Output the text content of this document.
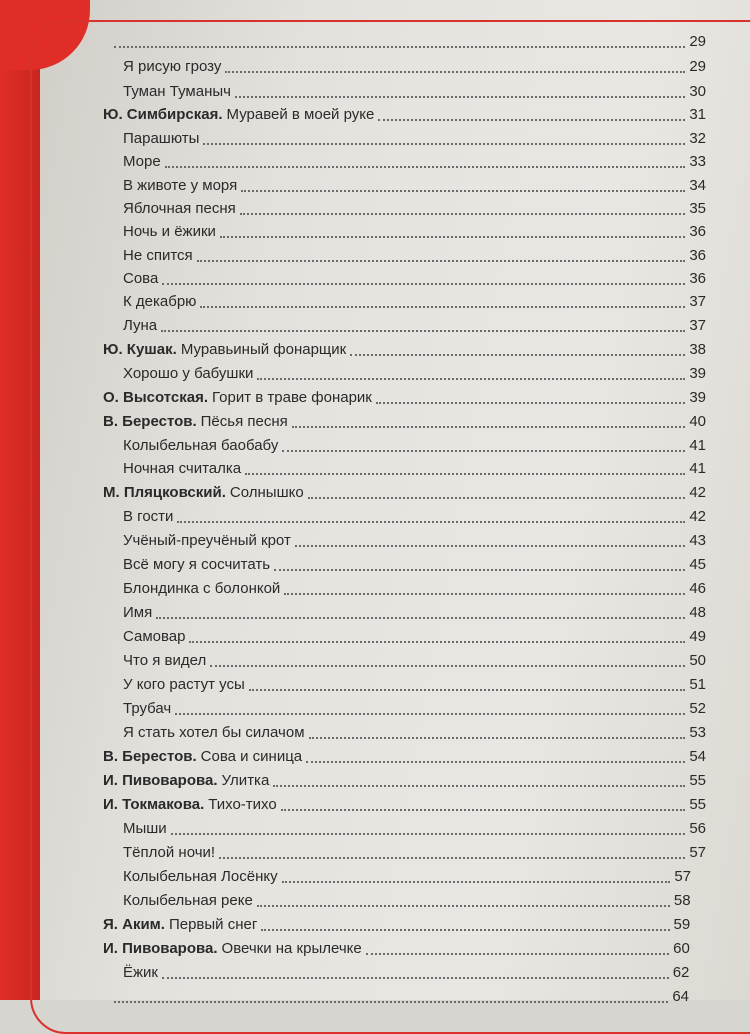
29
Я рисую грозу	29
Туман Туманыч	30
Ю. Симбирская. Муравей в моей руке	31
Парашюты	32
Море	33
В животе у моря	34
Яблочная песня	35
Ночь и ёжики	36
Не спится	36
Сова	36
К декабрю	37
Луна	37
Ю. Кушак. Муравьиный фонарщик	38
Хорошо у бабушки	39
О. Высотская. Горит в траве фонарик	39
В. Берестов. Пёсья песня	40
Колыбельная баобабу	41
Ночная считалка	41
М. Пляцковский. Солнышко	42
В гости	42
Учёный-преучёный крот	43
Всё могу я сосчитать	45
Блондинка с болонкой	46
Имя	48
Самовар	49
Что я видел	50
У кого растут усы	51
Трубач	52
Я стать хотел бы силачом	53
В. Берестов. Сова и синица	54
И. Пивоварова. Улитка	55
И. Токмакова. Тихо-тихо	55
Мыши	56
Тёплой ночи!	57
Колыбельная Лосёнку	57
Колыбельная реке	58
Я. Аким. Первый снег	59
И. Пивоварова. Овечки на крылечке	60
Ёжик	62
64
